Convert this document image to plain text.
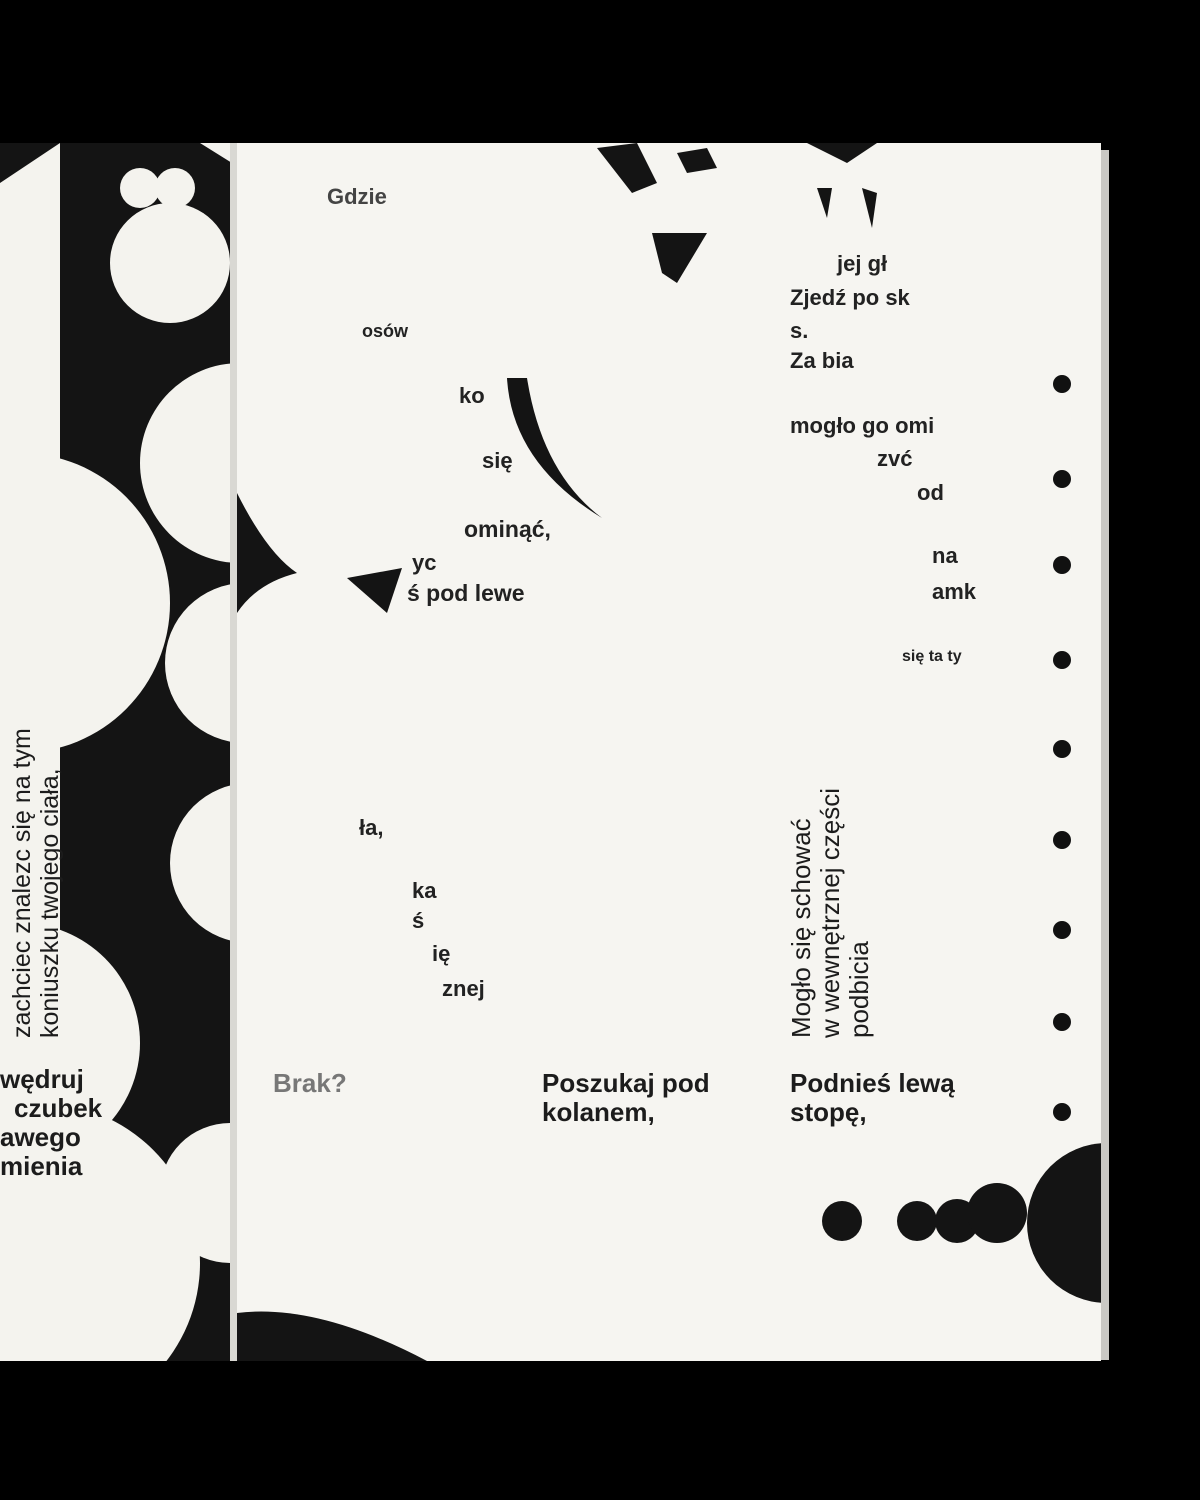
zachciec znalezc się na tym koniuszku twojego ciała,
wędruj
czubek
awego
mienia
Gdzie
jej gł
Zjedź po sk
s.
Za bia
mogło go omi
zvć
od
na
amk
się ta ty
osów
ko
się
ominąć,
yc
ś pod lewe
ła,
ka
ś
ię
znej	Mogło się schować w wewnętrznej części podbicia
Brak?	Poszukaj pod
kolanem,
Podnieś lewą
stopę,
